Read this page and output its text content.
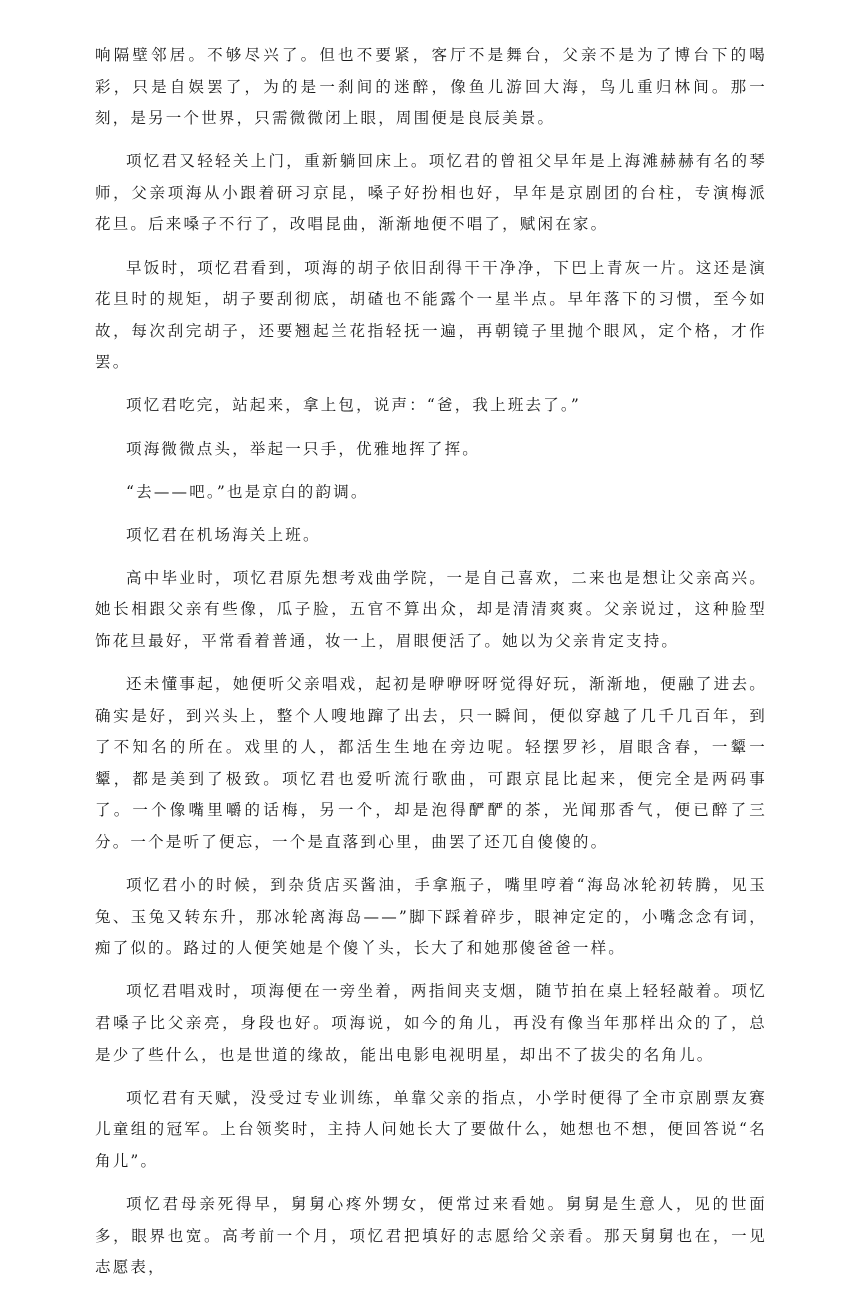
响隔壁邻居。不够尽兴了。但也不要紧，客厅不是舞台，父亲不是为了博台下的喝彩，只是自娱罢了，为的是一刹间的迷醉，像鱼儿游回大海，鸟儿重归林间。那一刻，是另一个世界，只需微微闭上眼，周围便是良辰美景。

项忆君又轻轻关上门，重新躺回床上。项忆君的曾祖父早年是上海滩赫赫有名的琴师，父亲项海从小跟着研习京昆，嗓子好扮相也好，早年是京剧团的台柱，专演梅派花旦。后来嗓子不行了，改唱昆曲，渐渐地便不唱了，赋闲在家。

早饭时，项忆君看到，项海的胡子依旧刮得干干净净，下巴上青灰一片。这还是演花旦时的规矩，胡子要刮彻底，胡碴也不能露个一星半点。早年落下的习惯，至今如故，每次刮完胡子，还要翘起兰花指轻抚一遍，再朝镜子里抛个眼风，定个格，才作罢。

项忆君吃完，站起来，拿上包，说声：“爸，我上班去了。”

项海微微点头，举起一只手，优雅地挥了挥。

“去——吧。”也是京白的韵调。

项忆君在机场海关上班。

高中毕业时，项忆君原先想考戏曲学院，一是自己喜欢，二来也是想让父亲高兴。她长相跟父亲有些像，瓜子脸，五官不算出众，却是清清爽爽。父亲说过，这种脸型饰花旦最好，平常看着普通，妆一上，眉眼便活了。她以为父亲肯定支持。

还未懂事起，她便听父亲唱戏，起初是咿咿呀呀觉得好玩，渐渐地，便融了进去。确实是好，到兴头上，整个人嗖地蹿了出去，只一瞬间，便似穿越了几千几百年，到了不知名的所在。戏里的人，都活生生地在旁边呢。轻摆罗衫，眉眼含春，一颦一颦，都是美到了极致。项忆君也爱听流行歌曲，可跟京昆比起来，便完全是两码事了。一个像嘴里嚼的话梅，另一个，却是泡得酽酽的茶，光闻那香气，便已醉了三分。一个是听了便忘，一个是直落到心里，曲罢了还兀自傻傻的。

项忆君小的时候，到杂货店买酱油，手拿瓶子，嘴里哼着“海岛冰轮初转腾，见玉兔、玉兔又转东升，那冰轮离海岛——”脚下踩着碎步，眼神定定的，小嘴念念有词，痴了似的。路过的人便笑她是个傻丫头，长大了和她那傻爸爸一样。

项忆君唱戏时，项海便在一旁坐着，两指间夹支烟，随节拍在桌上轻轻敲着。项忆君嗓子比父亲亮，身段也好。项海说，如今的角儿，再没有像当年那样出众的了，总是少了些什么，也是世道的缘故，能出电影电视明星，却出不了拔尖的名角儿。

项忆君有天赋，没受过专业训练，单靠父亲的指点，小学时便得了全市京剧票友赛儿童组的冠军。上台领奖时，主持人问她长大了要做什么，她想也不想，便回答说“名角儿”。

项忆君母亲死得早，舅舅心疼外甥女，便常过来看她。舅舅是生意人，见的世面多，眼界也宽。高考前一个月，项忆君把填好的志愿给父亲看。那天舅舅也在，一见志愿表，
